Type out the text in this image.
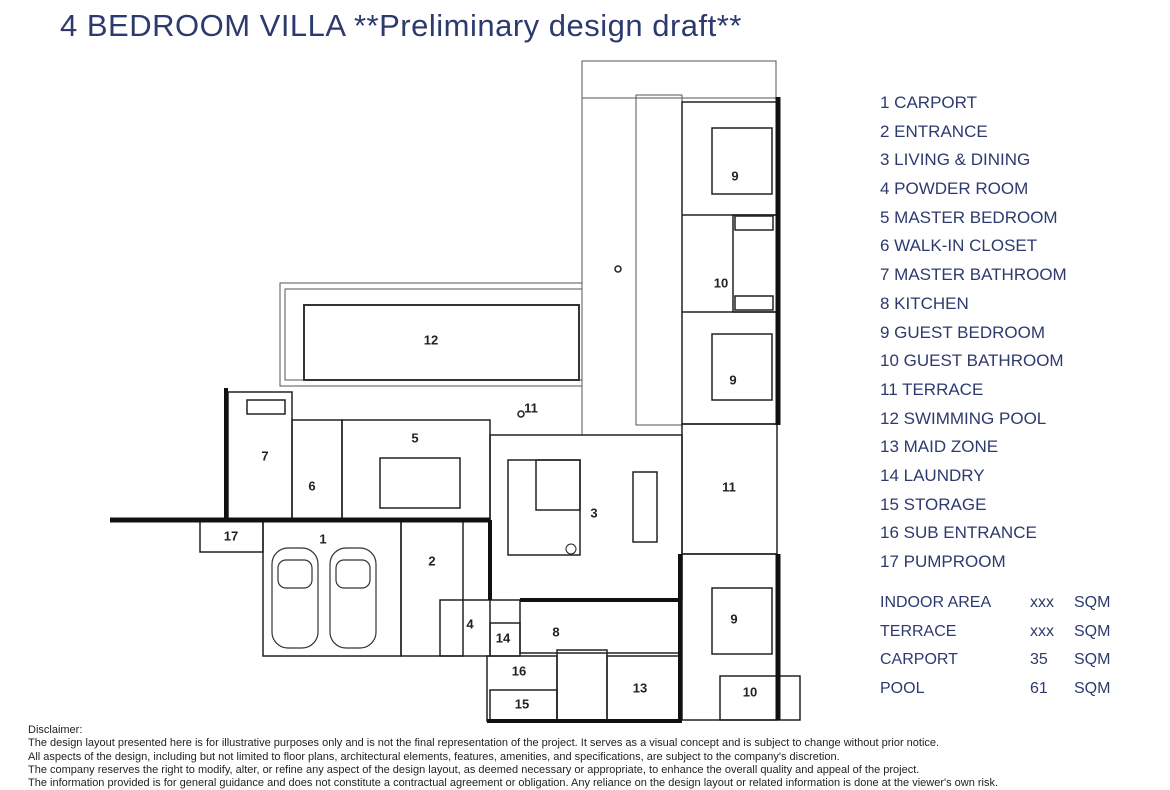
4 BEDROOM VILLA **Preliminary design draft**
1
2
3
4
5
6
7
8
9
9
9
10
10
11
11
12
13
14
15
16
17
1 CARPORT
2 ENTRANCE
3 LIVING & DINING
4 POWDER ROOM
5 MASTER BEDROOM
6 WALK-IN CLOSET
7 MASTER BATHROOM
8 KITCHEN
9 GUEST BEDROOM
10 GUEST BATHROOM
11 TERRACE
12 SWIMMING POOL
13 MAID ZONE
14 LAUNDRY
15 STORAGE
16 SUB ENTRANCE
17 PUMPROOM
INDOOR AREA xxx SQM
TERRACE	xxx SQM
CARPORT	35 SQM
POOL	61 SQM
Disclaimer:
The design layout presented here is for illustrative purposes only and is not the final representation of the project. It serves as a visual concept and is subject to change without prior notice.
All aspects of the design, including but not limited to floor plans, architectural elements, features, amenities, and specifications, are subject to the company's discretion.
The company reserves the right to modify, alter, or refine any aspect of the design layout, as deemed necessary or appropriate, to enhance the overall quality and appeal of the project.
The information provided is for general guidance and does not constitute a contractual agreement or obligation. Any reliance on the design layout or related information is done at the viewer's own risk.
